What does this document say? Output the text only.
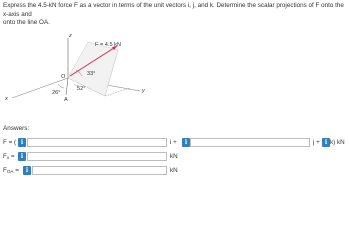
Express the 4.5-kN force F as a vector in terms of the unit vectors i, j, and k. Determine the scalar projections of F onto the x-axis and
onto the line OA.
F = 4.5 kN
33°
52°
26°
z
x
y
O
A
Answers:
F = ( i	i +	i	j + i k) kN
$F_x$ =	i	kN
$F_{OA}$ =	i	kN
